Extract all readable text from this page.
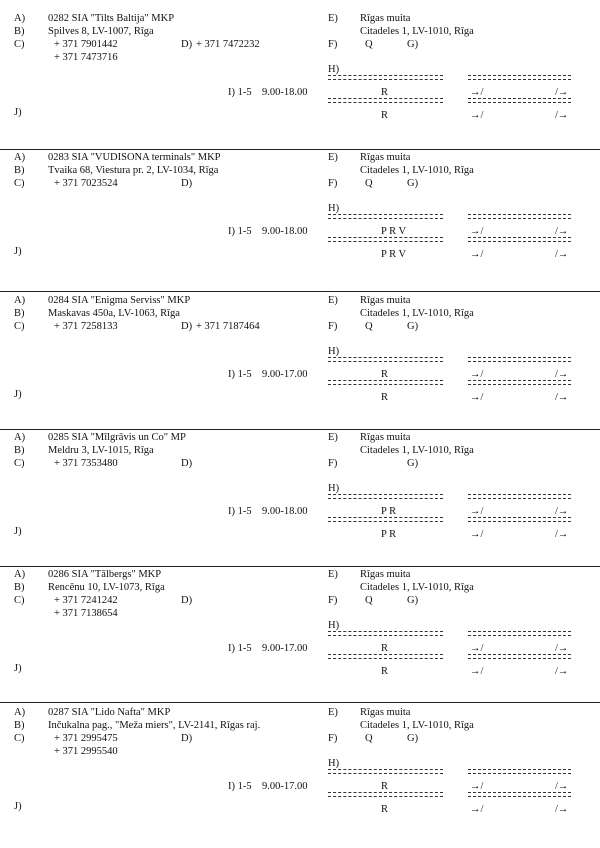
A) 0282 SIA "Tilts Baltija" MKP
B) Spilves 8, LV-1007, Rīga
C)	+ 371 7901442
+ 371 7473716
D) + 371 7472232
E) Rīgas muita
Citadeles 1, LV-1010, Rīga
F)	Q	G)
H)
I) 1-5 9.00-18.00	R	→/	/→
R	→/	/→
J)
A) 0283 SIA "VUDISONA terminals" MKP
B) Tvaika 68, Viestura pr. 2, LV-1034, Rīga
C)	+ 371 7023524	D)
E) Rīgas muita
Citadeles 1, LV-1010, Rīga
F)	Q	G)
H)
I) 1-5 9.00-18.00	P R V	→/	/→
P R V	→/	/→
J)
A) 0284 SIA "Enigma Serviss" MKP
B) Maskavas 450a, LV-1063, Rīga
C)	+ 371 7258133	D) + 371 7187464
E) Rīgas muita
Citadeles 1, LV-1010, Rīga
F)	Q	G)
H)
I) 1-5 9.00-17.00	R	→/	/→
R	→/	/→
J)
A) 0285 SIA "Mīlgrāvis un Co" MP
B) Meldru 3, LV-1015, Rīga
C)	+ 371 7353480	D)
E) Rīgas muita
Citadeles 1, LV-1010, Rīga
F)	G)
H)
I) 1-5 9.00-18.00	P R	→/	/→
P R	→/	/→
J)
A) 0286 SIA "Tālbergs" MKP
B) Rencēnu 10, LV-1073, Rīga
C)	+ 371 7241242
+ 371 7138654
D)
E) Rīgas muita
Citadeles 1, LV-1010, Rīga
F)	Q	G)
H)
I) 1-5 9.00-17.00	R	→/	/→
R	→/	/→
J)
A) 0287 SIA "Lido Nafta" MKP
B) Inčukalna pag., "Meža miers", LV-2141, Rīgas raj.
C)	+ 371 2995475
+ 371 2995540
D)
E) Rīgas muita
Citadeles 1, LV-1010, Rīga
F)	Q	G)
H)
I) 1-5 9.00-17.00	R	→/	/→
R	→/	/→
J)
